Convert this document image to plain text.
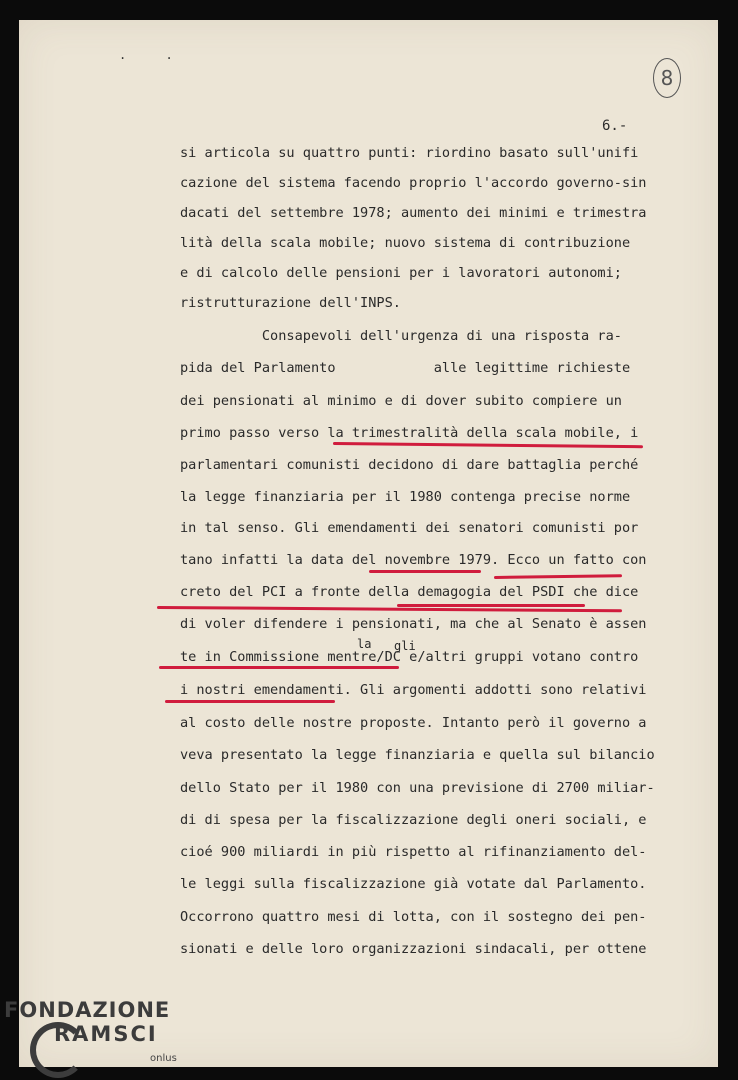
. .
8
6.-
si articola su quattro punti: riordino basato sull'unifi
cazione del sistema facendo proprio l'accordo governo-sin
dacati del settembre 1978; aumento dei minimi e trimestra
lità della scala mobile; nuovo sistema di contribuzione
e di calcolo delle pensioni per i lavoratori autonomi;
ristrutturazione dell'INPS.
Consapevoli dell'urgenza di una risposta ra-
pida del Parlamento            alle legittime richieste
dei pensionati al minimo e di dover subito compiere un
primo passo verso la trimestralità della scala mobile, i
parlamentari comunisti decidono di dare battaglia perché
la legge finanziaria per il 1980 contenga precise norme
in tal senso. Gli emendamenti dei senatori comunisti por
tano infatti la data del novembre 1979. Ecco un fatto con
creto del PCI a fronte della demagogia del PSDI che dice
di voler difendere i pensionati, ma che al Senato è assen
te in Commissione mentre/DC e/altri gruppi votano contro
i nostri emendamenti. Gli argomenti addotti sono relativi
al costo delle nostre proposte. Intanto però il governo a
veva presentato la legge finanziaria e quella sul bilancio
dello Stato per il 1980 con una previsione di 2700 miliar-
di di spesa per la fiscalizzazione degli oneri sociali, e
cioé 900 miliardi in più rispetto al rifinanziamento del-
le leggi sulla fiscalizzazione già votate dal Parlamento.
Occorrono quattro mesi di lotta, con il sostegno dei pen-
sionati e delle loro organizzazioni sindacali, per ottene
la gli
FONDAZIONE
RAMSCI
onlus
